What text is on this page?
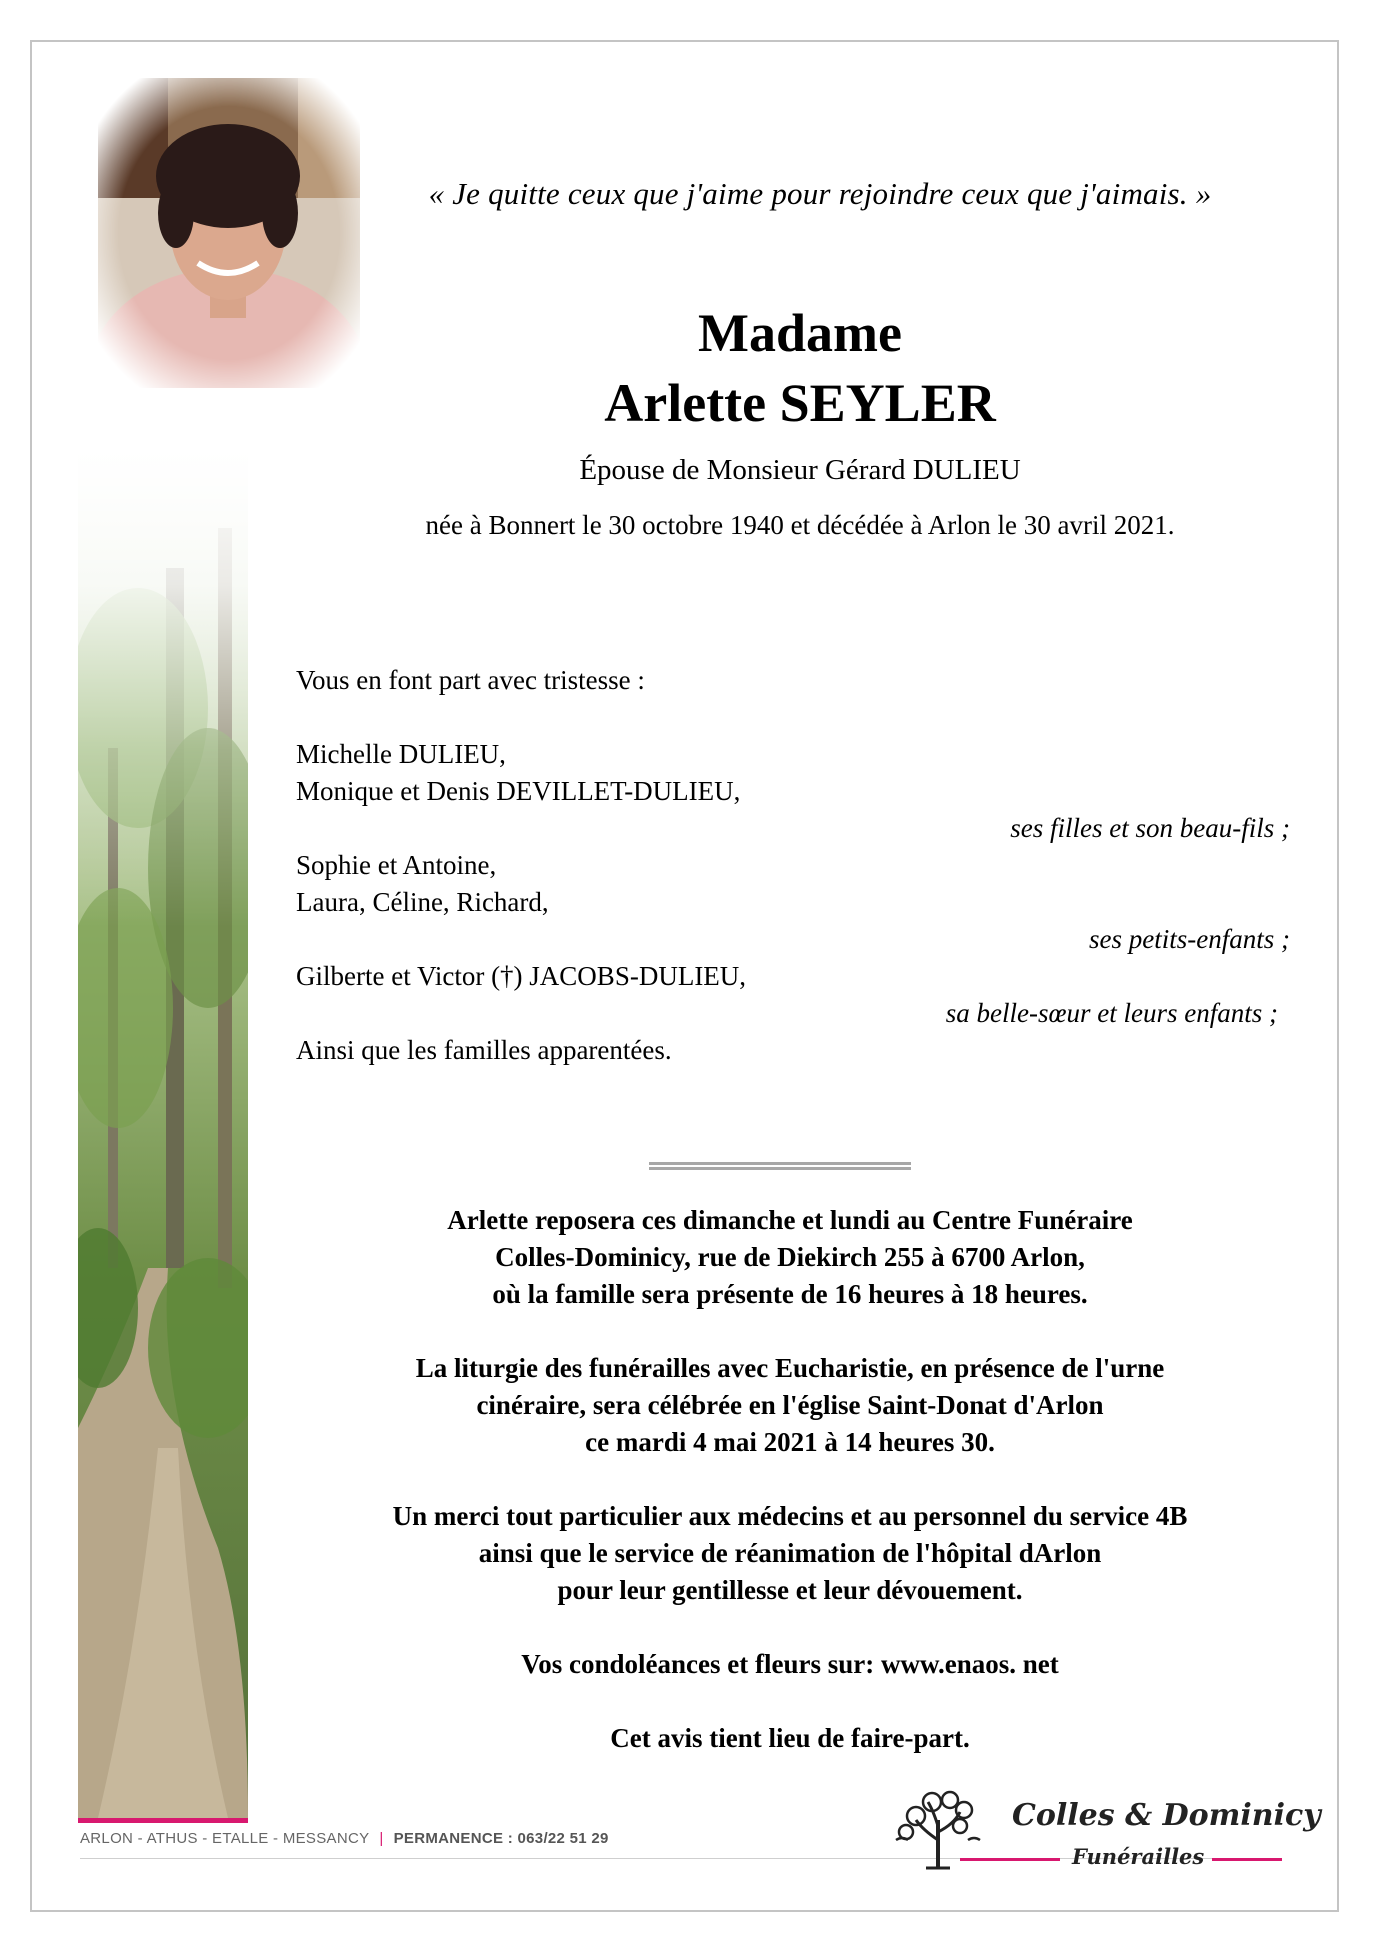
« Je quitte ceux que j'aime pour rejoindre ceux que j'aimais. »
Madame
Arlette SEYLER
Épouse de Monsieur Gérard DULIEU
née à Bonnert le 30 octobre 1940 et décédée à Arlon le 30 avril 2021.
Vous en font part avec tristesse :
Michelle DULIEU,
Monique et Denis DEVILLET-DULIEU,
ses filles et son beau-fils ;
Sophie et Antoine,
Laura, Céline, Richard,
ses petits-enfants ;
Gilberte et Victor (†) JACOBS-DULIEU,
sa belle-sœur et leurs enfants ;
Ainsi que les familles apparentées.
Arlette reposera ces dimanche et lundi au Centre Funéraire
Colles-Dominicy, rue de Diekirch 255 à 6700 Arlon,
où la famille sera présente de 16 heures à 18 heures.
La liturgie des funérailles avec Eucharistie, en présence de l'urne
cinéraire, sera célébrée en l'église Saint-Donat d'Arlon
ce mardi 4 mai 2021 à 14 heures 30.
Un merci tout particulier aux médecins et au personnel du service 4B
ainsi que le service de réanimation de l'hôpital dArlon
pour leur gentillesse et leur dévouement.
Vos condoléances et fleurs sur: www.enaos. net
Cet avis tient lieu de faire-part.
ARLON - ATHUS - ETALLE - MESSANCY | PERMANENCE : 063/22 51 29
Colles & Dominicy
Funérailles
